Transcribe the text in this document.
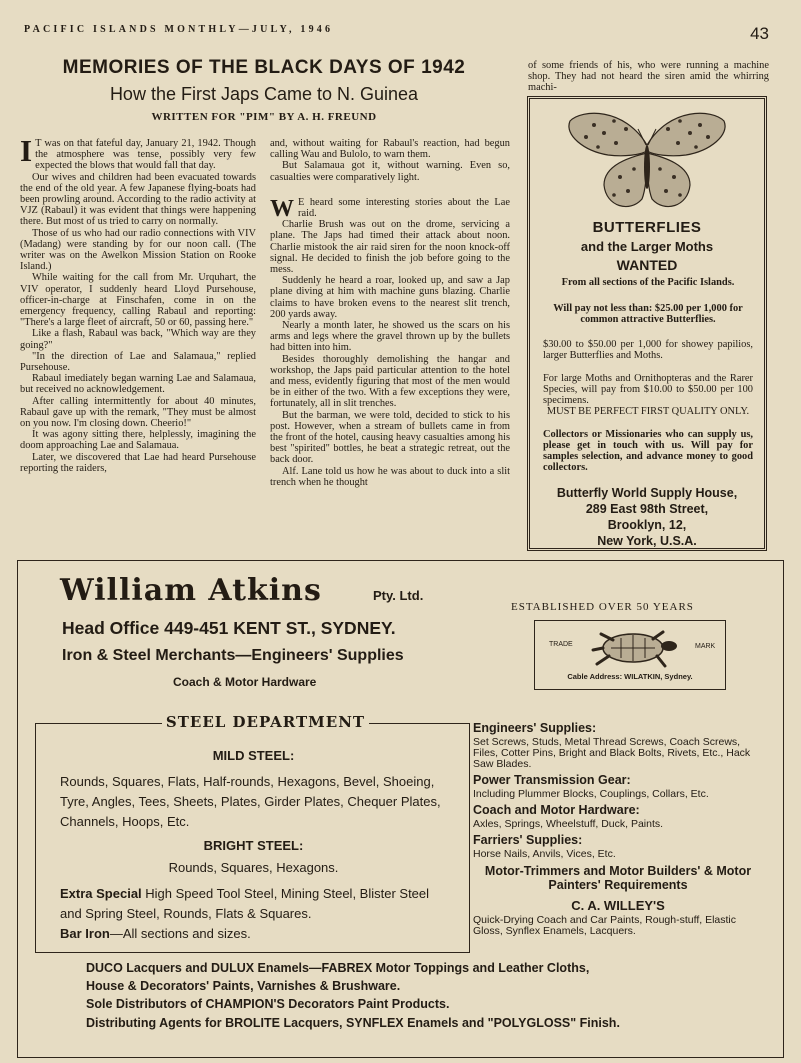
PACIFIC ISLANDS MONTHLY—JULY, 1946	43
MEMORIES OF THE BLACK DAYS OF 1942
How the First Japs Came to N. Guinea
WRITTEN FOR "PIM" BY A. H. FREUND

I T was on that fateful day, January 21, 1942. Though the atmosphere was tense, possibly very few expected the blows that would fall that day.

Our wives and children had been evacuated towards the end of the old year. A few Japanese flying-boats had been prowling around. According to the radio activity at VJZ (Rabaul) it was evident that things were happening there. But most of us tried to carry on normally.

Those of us who had our radio connections with VIV (Madang) were standing by for our noon call. (The writer was on the Awelkon Mission Station on Rooke Island.)

While waiting for the call from Mr. Urquhart, the VIV operator, I suddenly heard Lloyd Pursehouse, officer-in-charge at Finschafen, come in on the emergency frequency, calling Rabaul and reporting: "There's a large fleet of aircraft, 50 or 60, passing here."

Like a flash, Rabaul was back, "Which way are they going?"

"In the direction of Lae and Salamaua," replied Pursehouse.

Rabaul imediately began warning Lae and Salamaua, but received no acknowledgement.

After calling intermittently for about 40 minutes, Rabaul gave up with the remark, "They must be almost on you now. I'm closing down. Cheerio!"

It was agony sitting there, helplessly, imagining the doom approaching Lae and Salamaua.

Later, we discovered that Lae had heard Pursehouse reporting the raiders,

and, without waiting for Rabaul's reaction, had begun calling Wau and Bulolo, to warn them.

But Salamaua got it, without warning. Even so, casualties were comparatively light.

W E heard some interesting stories about the Lae raid.

Charlie Brush was out on the drome, servicing a plane. The Japs had timed their attack about noon. Charlie mistook the air raid siren for the noon knock-off signal. He decided to finish the job before going to the mess.

Suddenly he heard a roar, looked up, and saw a Jap plane diving at him with machine guns blazing. Charlie claims to have broken evens to the nearest slit trench, 200 yards away.

Nearly a month later, he showed us the scars on his arms and legs where the gravel thrown up by the bullets had bitten into him.

Besides thoroughly demolishing the hangar and workshop, the Japs paid particular attention to the hotel and mess, evidently figuring that most of the men would be in either of the two. With a few exceptions they were, fortunately, all in slit trenches.

But the barman, we were told, decided to stick to his post. However, when a stream of bullets came in from the front of the hotel, causing heavy casualties among his best "spirited" bottles, he beat a strategic retreat, out the back door.

Alf. Lane told us how he was about to duck into a slit trench when he thought

of some friends of his, who were running a machine shop. They had not heard the siren amid the whirring machi-

BUTTERFLIES
and the Larger Moths
WANTED
From all sections of the Pacific Islands.
Will pay not less than: $25.00 per 1,000 for common attractive Butterflies.
$30.00 to $50.00 per 1,000 for showey papilios, larger Butterflies and Moths.
For large Moths and Ornithopteras and the Rarer Species, will pay from $10.00 to $50.00 per 100 specimens.
MUST BE PERFECT FIRST QUALITY ONLY.
Collectors or Missionaries who can supply us, please get in touch with us. Will pay for samples selection, and advance money to good collectors.
Butterfly World Supply House,
289 East 98th Street,
Brooklyn, 12,
New York, U.S.A.
William Atkins	Pty. Ltd.
Head Office 449-451 KENT ST., SYDNEY.
Iron & Steel Merchants—Engineers' Supplies
Coach & Motor Hardware
ESTABLISHED OVER 50 YEARS
TRADE	MARK
Cable Address: WILATKIN, Sydney.
MILD STEEL:
Rounds, Squares, Flats, Half-rounds, Hexagons, Bevel, Shoeing, Tyre, Angles, Tees, Sheets, Plates, Girder Plates, Chequer Plates, Channels, Hoops, Etc.
BRIGHT STEEL:
Rounds, Squares, Hexagons.
Extra Special High Speed Tool Steel, Mining Steel, Blister Steel and Spring Steel, Rounds, Flats & Squares.
Bar Iron—All sections and sizes.
STEEL DEPARTMENT	Engineers' Supplies:
Set Screws, Studs, Metal Thread Screws, Coach Screws, Files, Cotter Pins, Bright and Black Bolts, Rivets, Etc., Hack Saw Blades.
Power Transmission Gear:
Including Plummer Blocks, Couplings, Collars, Etc.
Coach and Motor Hardware:
Axles, Springs, Wheelstuff, Duck, Paints.
Farriers' Supplies:
Horse Nails, Anvils, Vices, Etc.
Motor-Trimmers and Motor Builders' & Motor Painters' Requirements
C. A. WILLEY'S
Quick-Drying Coach and Car Paints, Rough-stuff, Elastic Gloss, Synflex Enamels, Lacquers.
DUCO Lacquers and DULUX Enamels—FABREX Motor Toppings and Leather Cloths,
House & Decorators' Paints, Varnishes & Brushware.
Sole Distributors of CHAMPION'S Decorators Paint Products.
Distributing Agents for BROLITE Lacquers, SYNFLEX Enamels and "POLYGLOSS" Finish.
